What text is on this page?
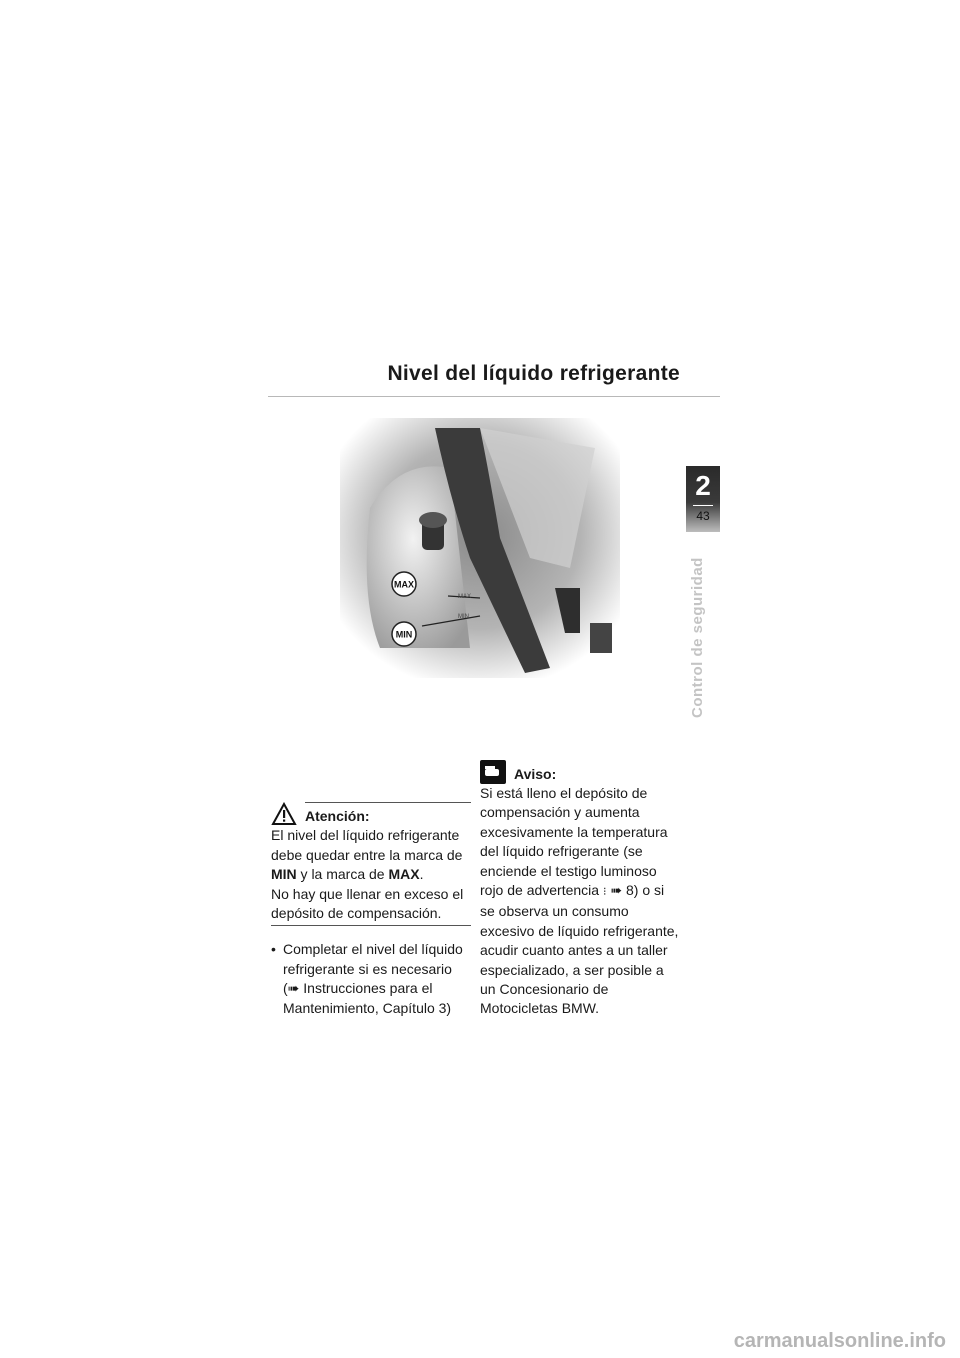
Nivel del líquido refrigerante
2
43
Control de seguridad
MAX
MIN
MAX
MIN
Atención:

El nivel del líquido refrigerante debe quedar entre la marca de MIN y la marca de MAX.

No hay que llenar en exceso el depósito de compensación.

• Completar el nivel del líquido refrigerante si es necesario (➠ Instrucciones para el Mantenimiento, Capítulo 3)
Aviso:

Si está lleno el depósito de compensación y aumenta excesivamente la temperatura del líquido refrigerante (se enciende el testigo luminoso rojo de advertencia ⁝ ➠ 8) o si se observa un consumo excesivo de líquido refrigerante, acudir cuanto antes a un taller especializado, a ser posible a un Concesionario de Motocicletas BMW.

carmanualsonline.info
